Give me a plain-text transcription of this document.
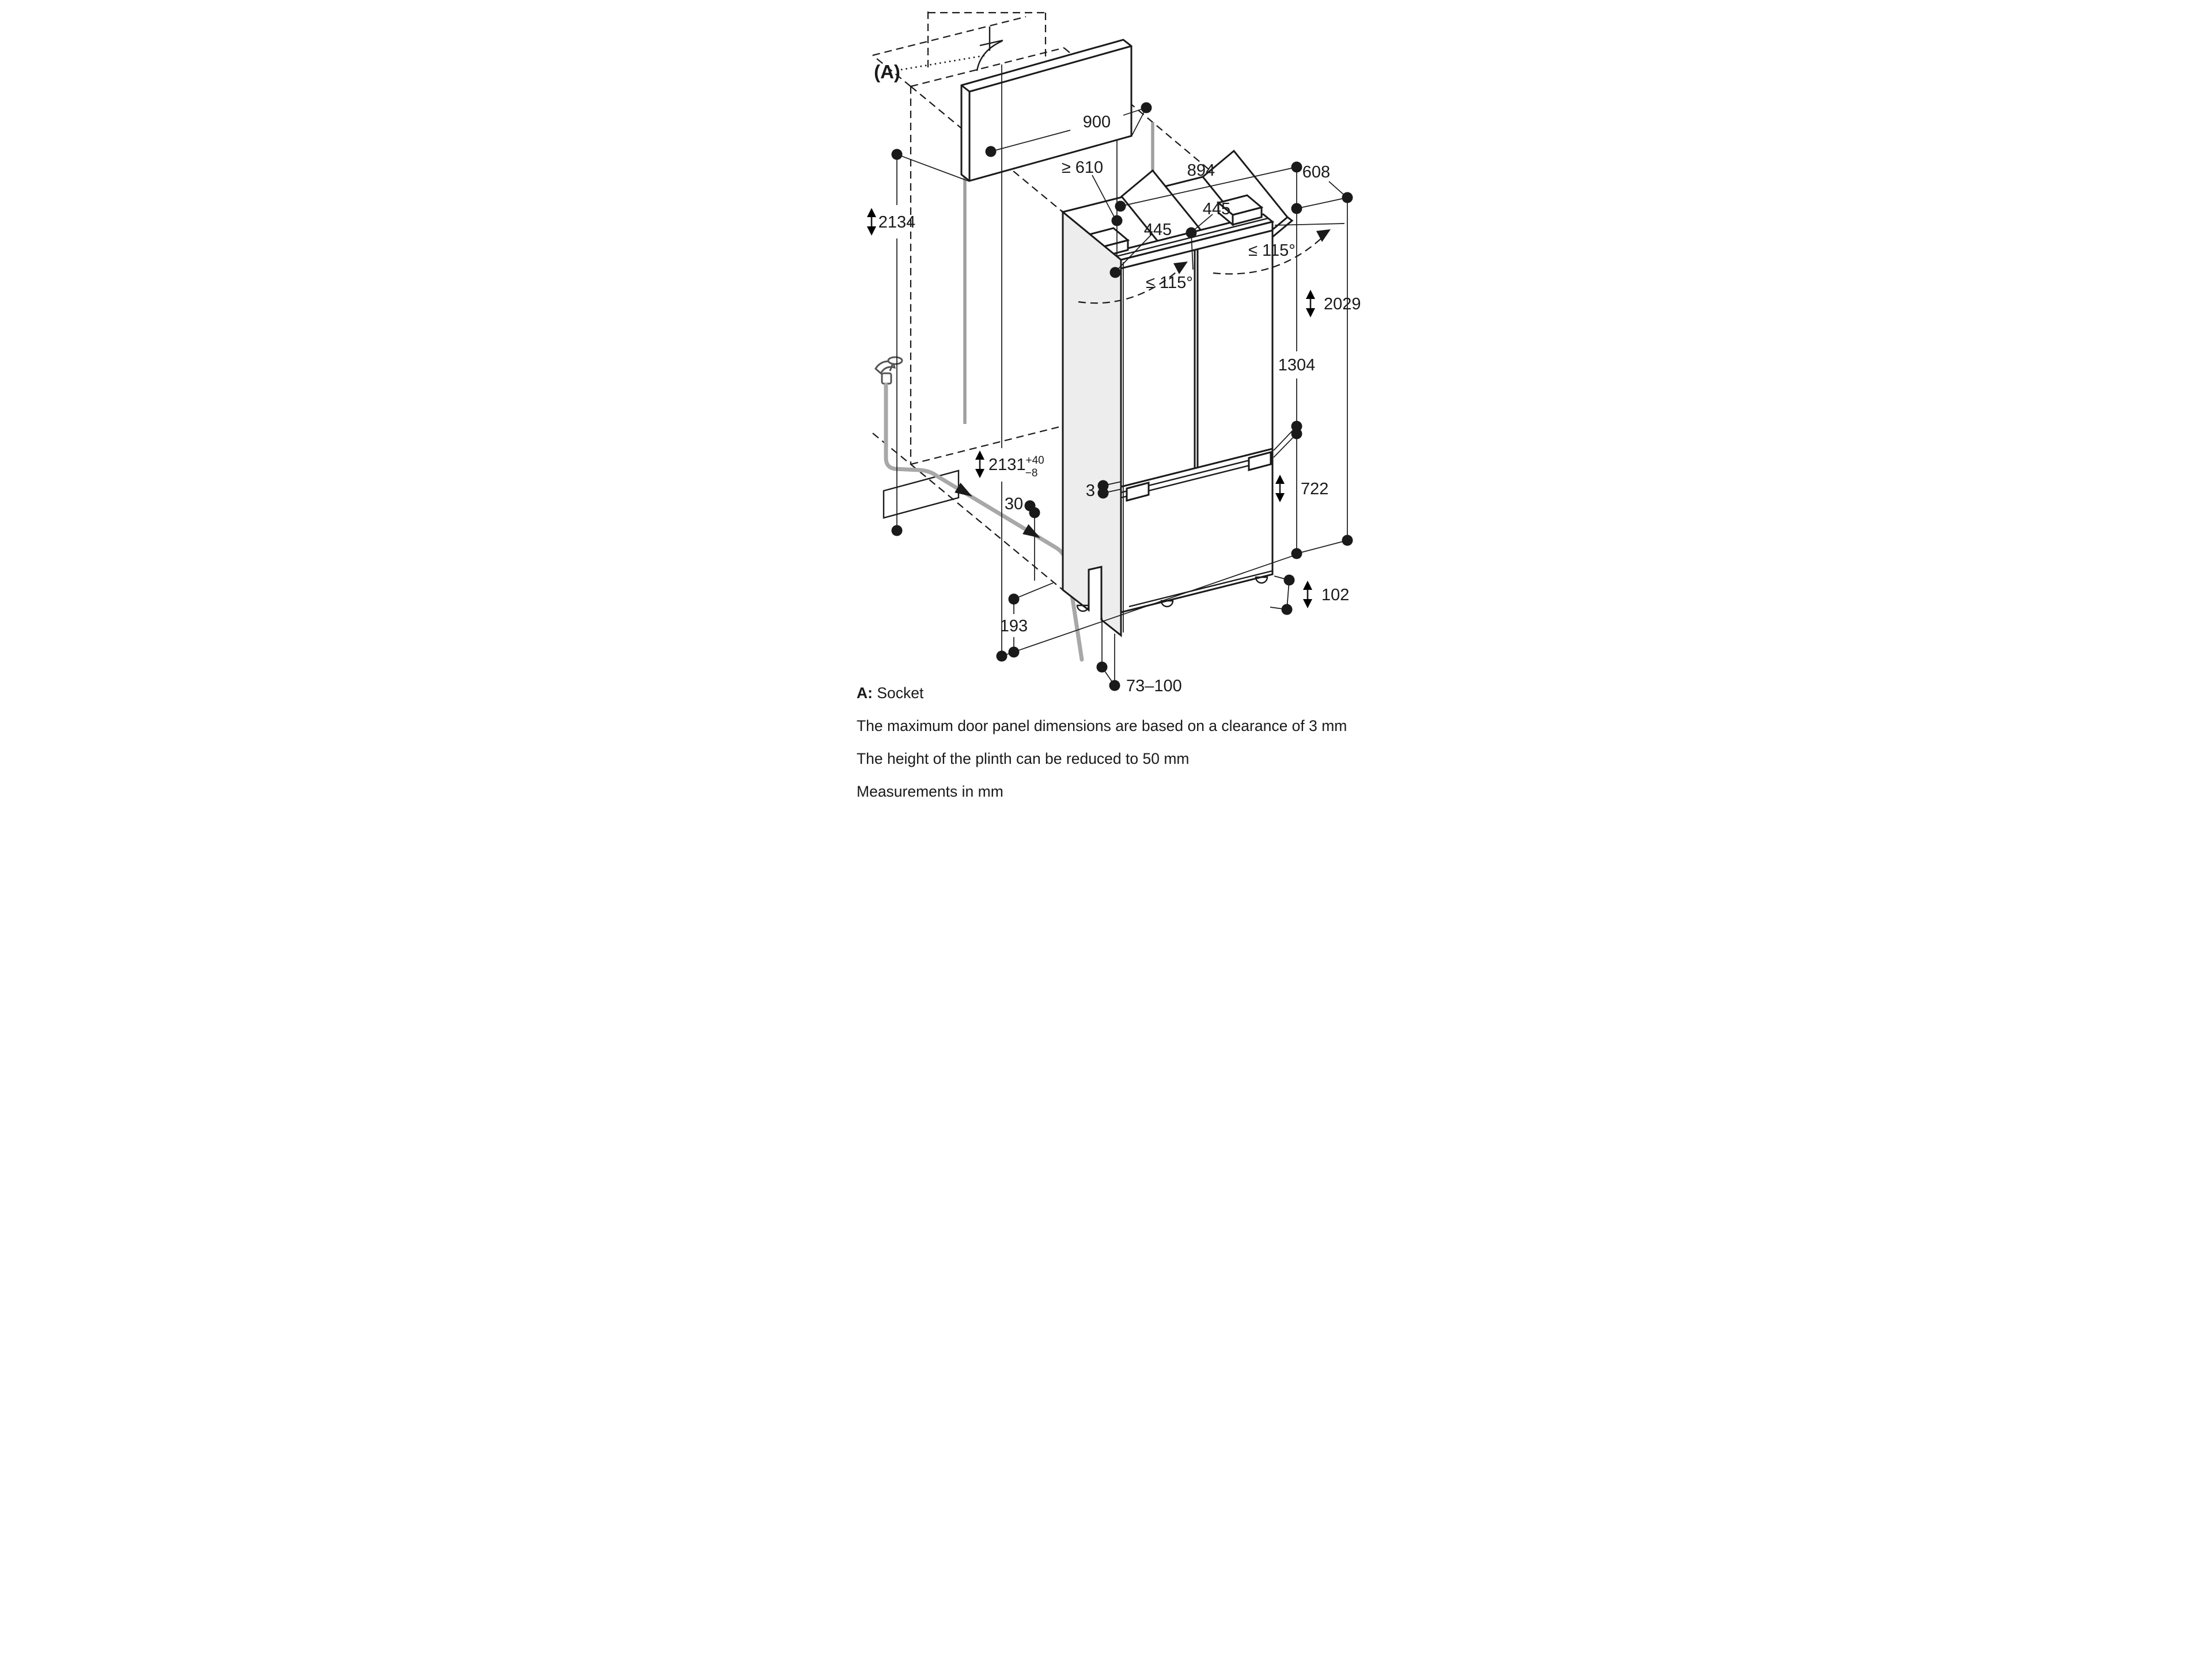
(A)
900
≥ 610	894	608
445
445
2134
≤ 115°
≤ 115°
2029
1304
722
$2131^{+40} -8$
3
30
193
102
73–100
A: Socket
The maximum door panel dimensions are based on a clearance of 3 mm
The height of the plinth can be reduced to 50 mm
Measurements in mm
